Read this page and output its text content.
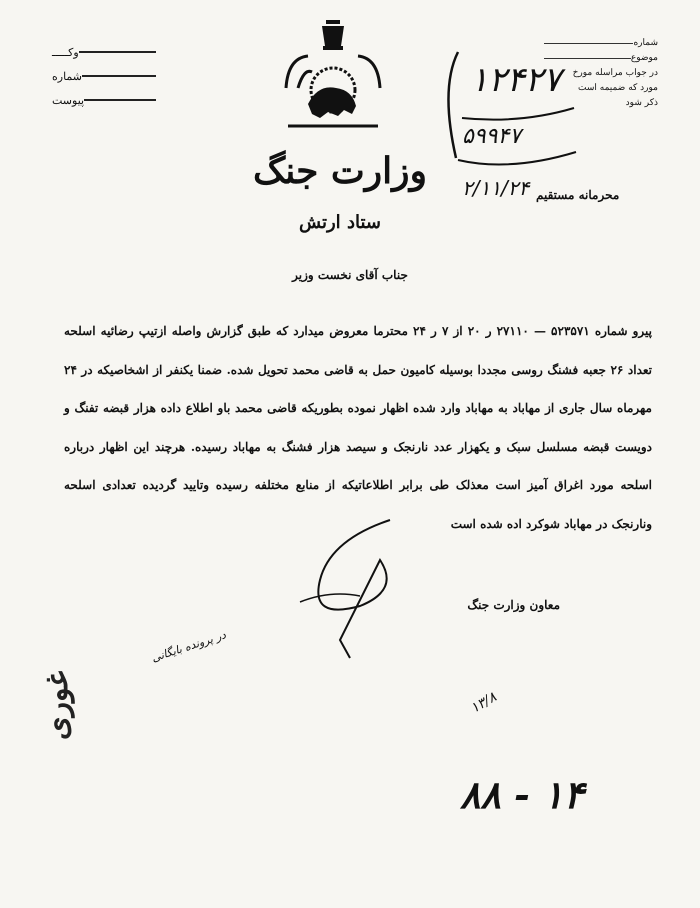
وکـــــ
شماره
پیوست
شماره
موضوع
در جواب مراسله مورخ
مورد که ضمیمه است
ذکر شود
وزارت جنگ
ستاد ارتش
۱۲۴۲۷
۵۹۹۴۷
۲/۱۱/۲۴ محرمانه مستقیم
جناب آقای نخست وزیر

پیرو شماره ۵۲۳۵۷۱ — ۲۷۱۱۰ ر ۲۰ از ۷ ر ۲۴ محترما معروض میدارد که طبق گزارش واصله ازتیپ رضائیه اسلحه تعداد ۲۶ جعبه فشنگ روسی مجددا بوسیله کامیون حمل به قاضی محمد تحویل شده. ضمنا یکنفر از اشخاصیکه در ۲۴ مهرماه سال جاری از مهاباد به مهاباد وارد شده اظهار نموده بطوریکه قاضی محمد باو اطلاع داده هزار قبضه تفنگ و دویست قبضه مسلسل سبک و یکهزار عدد نارنجک و سیصد هزار فشنگ به مهاباد رسیده. هرچند این اظهار درباره اسلحه مورد اغراق آمیز است معذلک طی برابر اطلاعاتیکه از منابع مختلفه رسیده وتایید گردیده تعدادی اسلحه ونارنجک در مهاباد شوکرد اده شده است

معاون وزارت جنگ
در پرونده بایگانی
۱۳/۸
۸۸ - ۱۴
غوری
